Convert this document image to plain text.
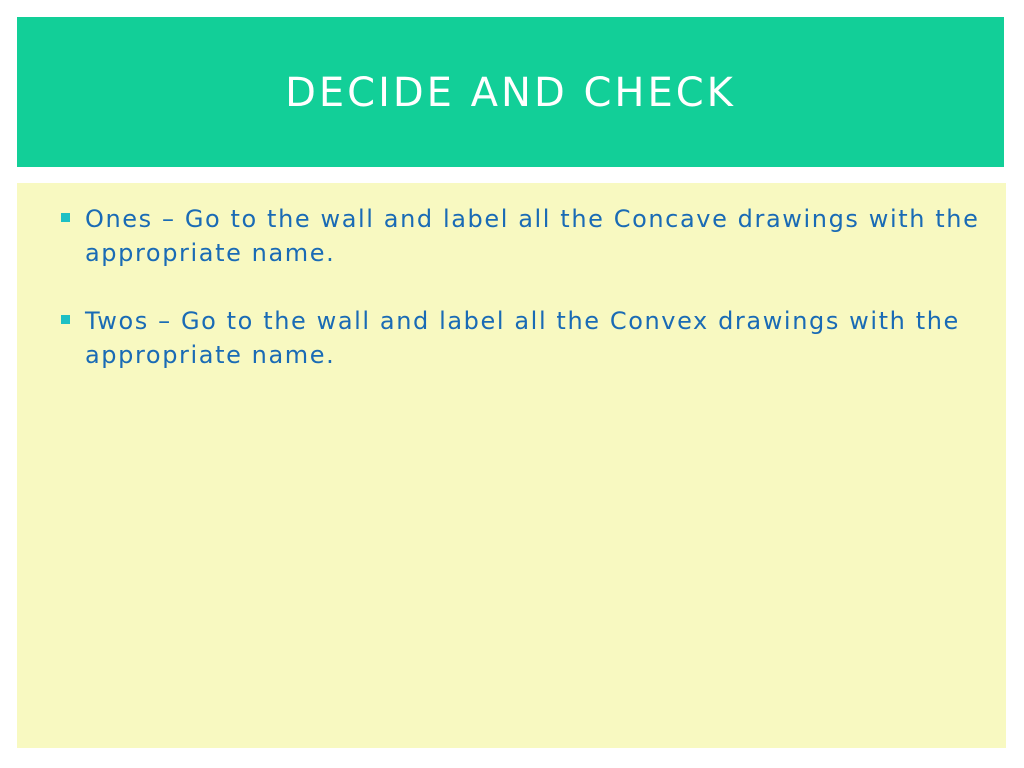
DECIDE AND CHECK
Ones – Go to the wall and label all the Concave drawings with the appropriate name.
Twos – Go to the wall and label all the Convex drawings with the appropriate name.
